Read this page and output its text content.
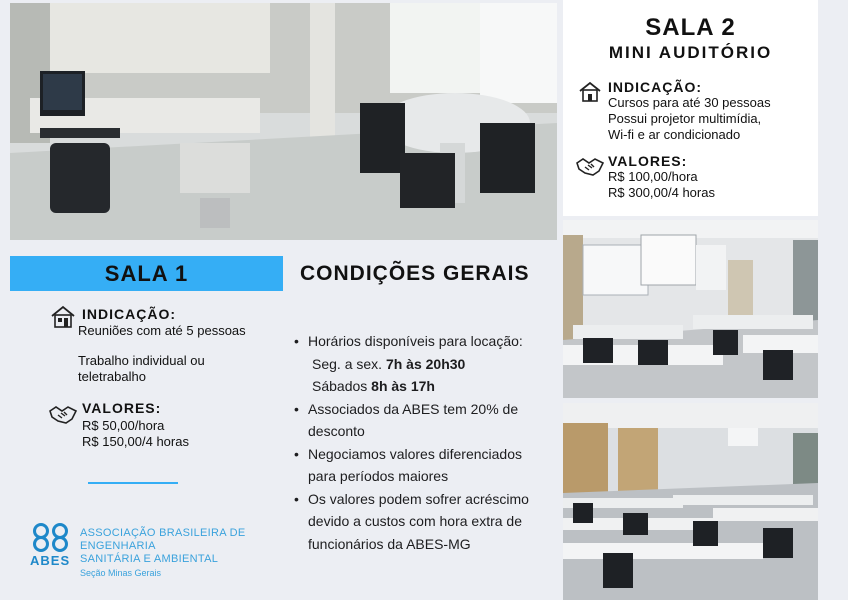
SALA 2
MINI AUDITÓRIO
INDICAÇÃO:
Cursos para até 30 pessoas
Possui projetor multimídia,
Wi-fi e ar condicionado
VALORES:
R$ 100,00/hora
R$ 300,00/4 horas
SALA 1
INDICAÇÃO:
Reuniões com até 5 pessoas
Trabalho individual ou
teletrabalho
VALORES:
R$ 50,00/hora
R$ 150,00/4 horas
CONDIÇÕES GERAIS
• Horários disponíveis para locação:
Seg. a sex. 7h às 20h30
Sábados 8h às 17h
• Associados da ABES tem 20% de
desconto
• Negociamos valores diferenciados
para períodos maiores
• Os valores podem sofrer acréscimo
devido a custos com hora extra de
funcionários da ABES-MG
ABES
ASSOCIAÇÃO BRASILEIRA DE ENGENHARIA
SANITÁRIA E AMBIENTAL
Seção Minas Gerais
